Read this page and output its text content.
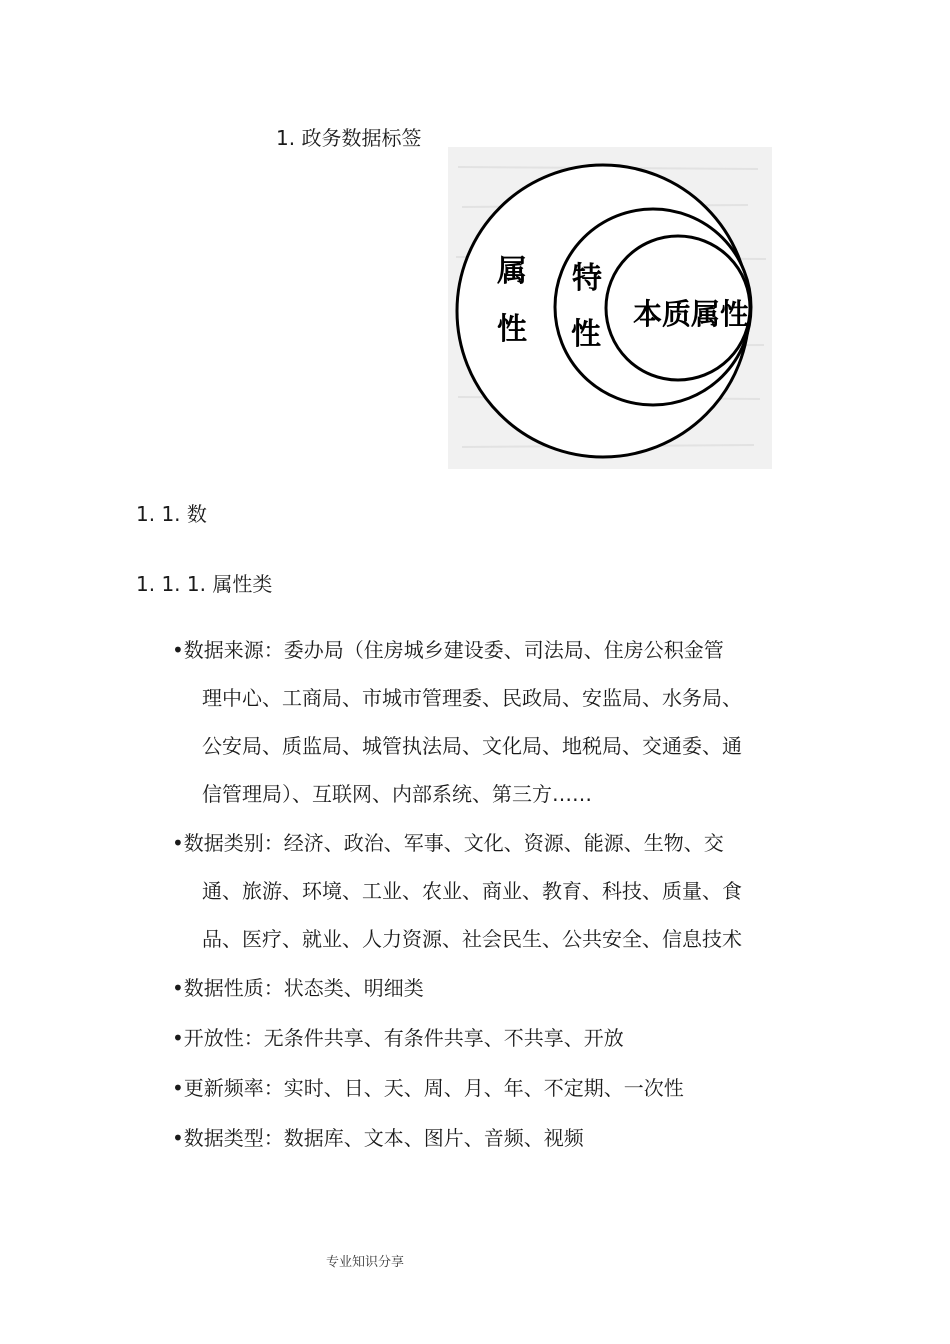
1. 政务数据标签
属
性
特
性
本质属性
1. 1. 数
1. 1. 1. 属性类
•数据来源：委办局（住房城乡建设委、司法局、住房公积金管
理中心、工商局、市城市管理委、民政局、安监局、水务局、
公安局、质监局、城管执法局、文化局、地税局、交通委、通
信管理局）、互联网、内部系统、第三方……
•数据类别：经济、政治、军事、文化、资源、能源、生物、交
通、旅游、环境、工业、农业、商业、教育、科技、质量、食
品、医疗、就业、人力资源、社会民生、公共安全、信息技术
•数据性质：状态类、明细类
•开放性：无条件共享、有条件共享、不共享、开放
•更新频率：实时、日、天、周、月、年、不定期、一次性
•数据类型：数据库、文本、图片、音频、视频
专业知识分享
